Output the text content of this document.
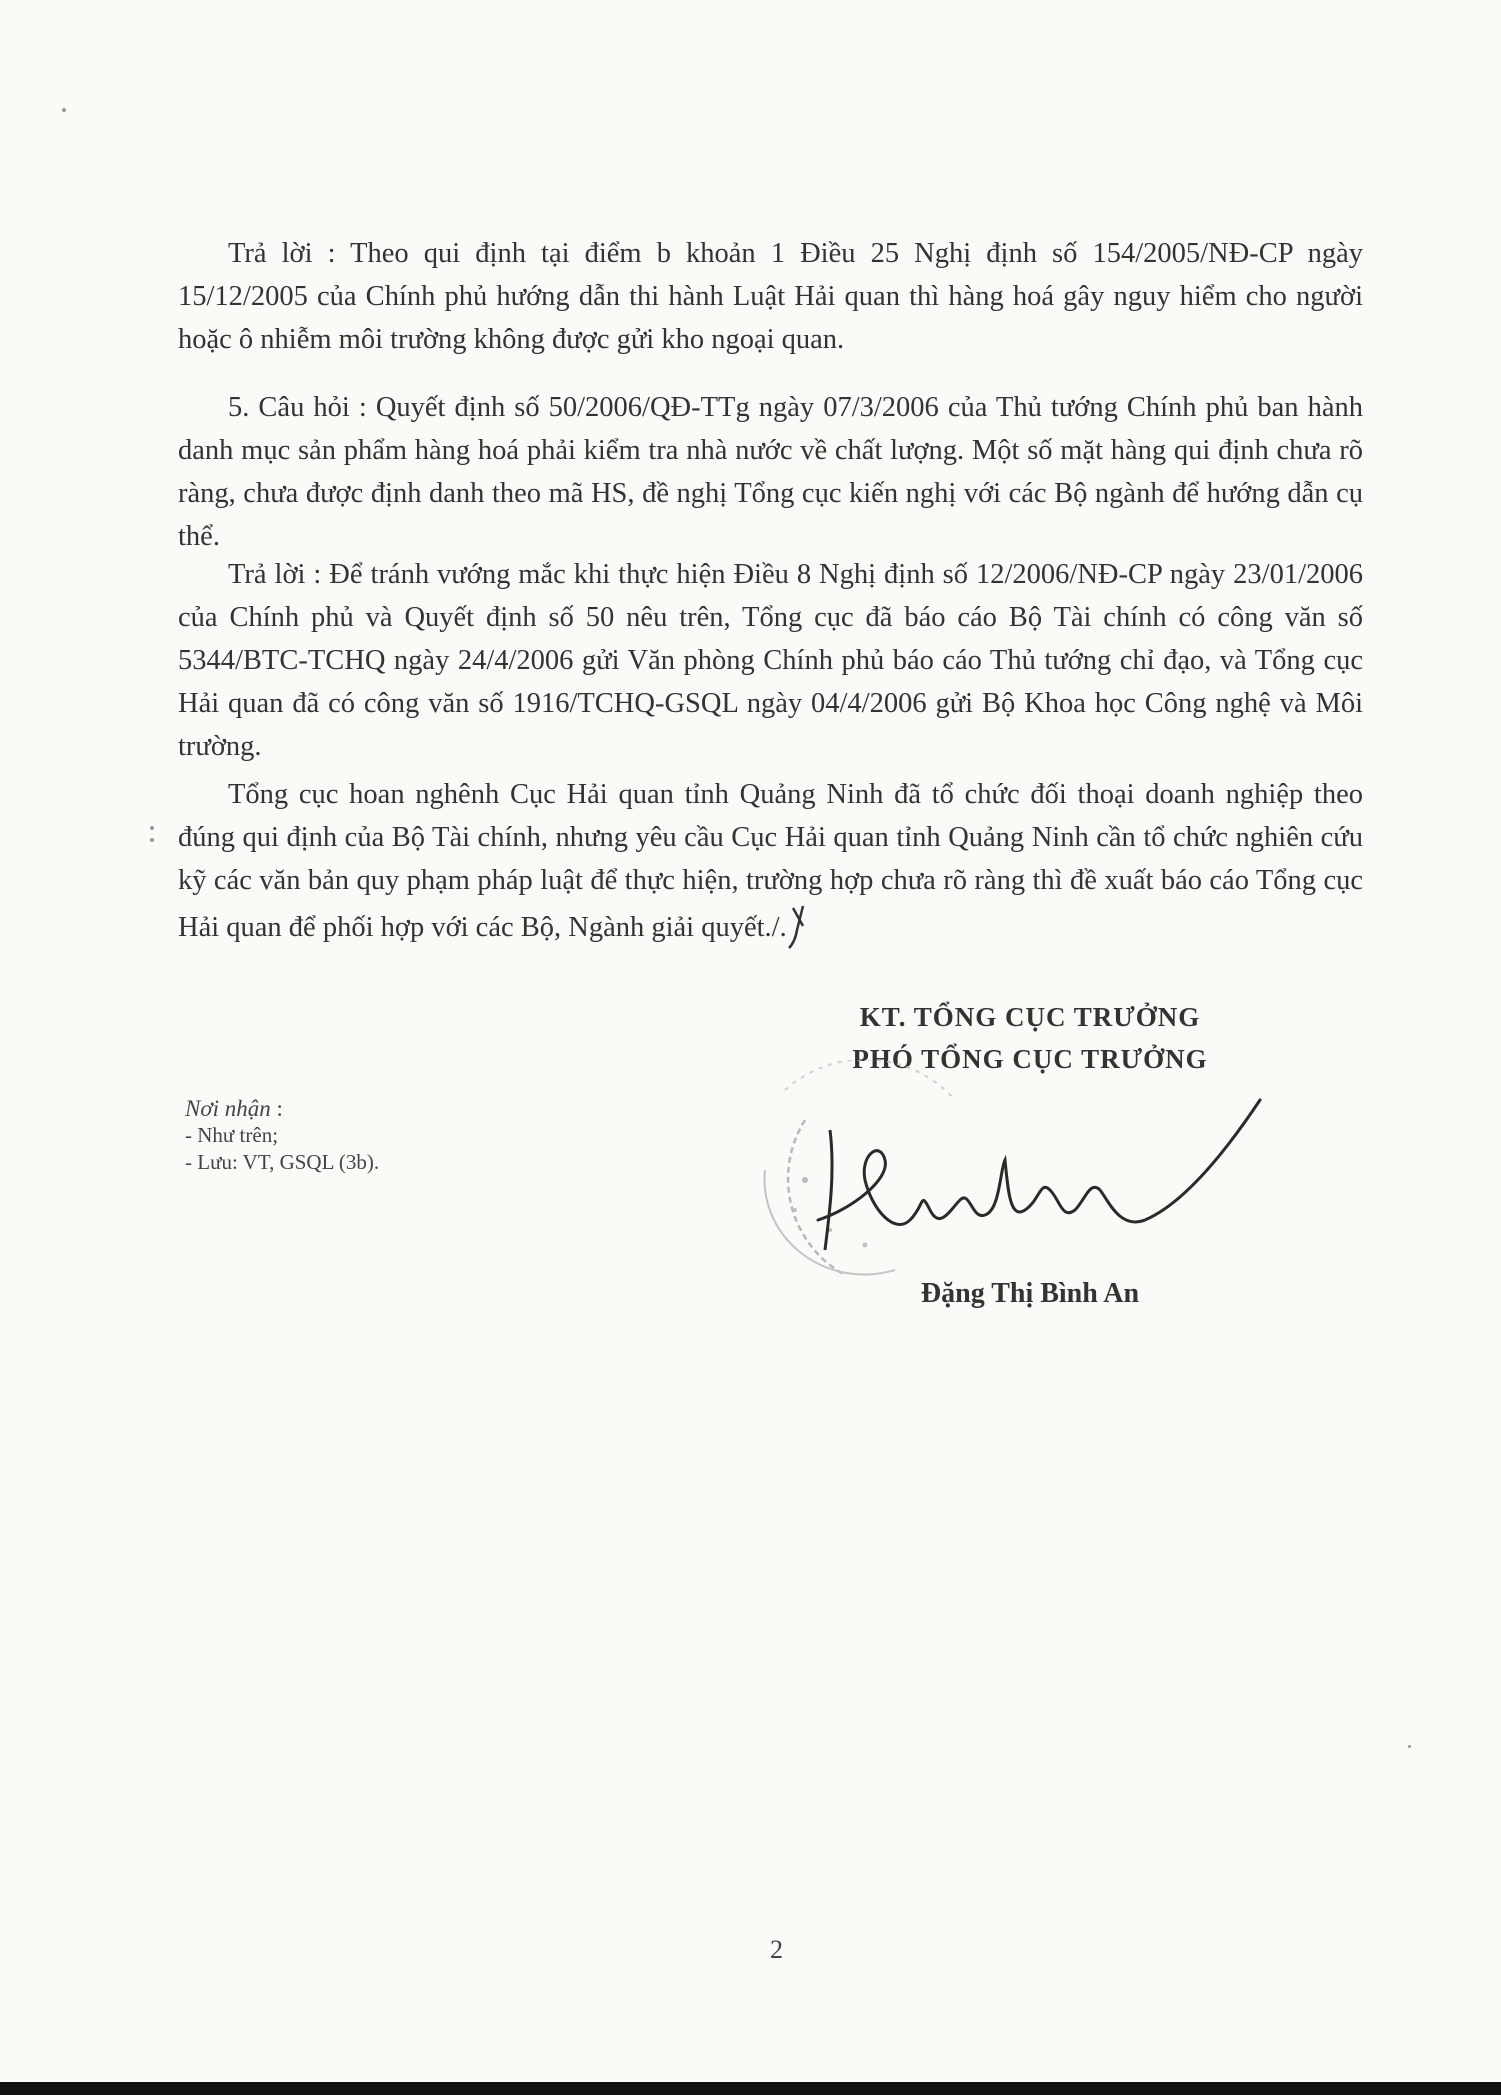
Trả lời : Theo qui định tại điểm b khoản 1 Điều 25 Nghị định số 154/2005/NĐ-CP ngày 15/12/2005 của Chính phủ hướng dẫn thi hành Luật Hải quan thì hàng hoá gây nguy hiểm cho người hoặc ô nhiễm môi trường không được gửi kho ngoại quan.

5. Câu hỏi : Quyết định số 50/2006/QĐ-TTg ngày 07/3/2006 của Thủ tướng Chính phủ ban hành danh mục sản phẩm hàng hoá phải kiểm tra nhà nước về chất lượng. Một số mặt hàng qui định chưa rõ ràng, chưa được định danh theo mã HS, đề nghị Tổng cục kiến nghị với các Bộ ngành để hướng dẫn cụ thể.

Trả lời : Để tránh vướng mắc khi thực hiện Điều 8 Nghị định số 12/2006/NĐ-CP ngày 23/01/2006 của Chính phủ và Quyết định số 50 nêu trên, Tổng cục đã báo cáo Bộ Tài chính có công văn số 5344/BTC-TCHQ ngày 24/4/2006 gửi Văn phòng Chính phủ báo cáo Thủ tướng chỉ đạo, và Tổng cục Hải quan đã có công văn số 1916/TCHQ-GSQL ngày 04/4/2006 gửi Bộ Khoa học Công nghệ và Môi trường.

Tổng cục hoan nghênh Cục Hải quan tỉnh Quảng Ninh đã tổ chức đối thoại doanh nghiệp theo đúng qui định của Bộ Tài chính, nhưng yêu cầu Cục Hải quan tỉnh Quảng Ninh cần tổ chức nghiên cứu kỹ các văn bản quy phạm pháp luật để thực hiện, trường hợp chưa rõ ràng thì đề xuất báo cáo Tổng cục Hải quan để phối hợp với các Bộ, Ngành giải quyết./.

KT. TỔNG CỤC TRƯỞNG
PHÓ TỔNG CỤC TRƯỞNG
Đặng Thị Bình An
Nơi nhận :
- Như trên;
- Lưu: VT, GSQL (3b).
2
